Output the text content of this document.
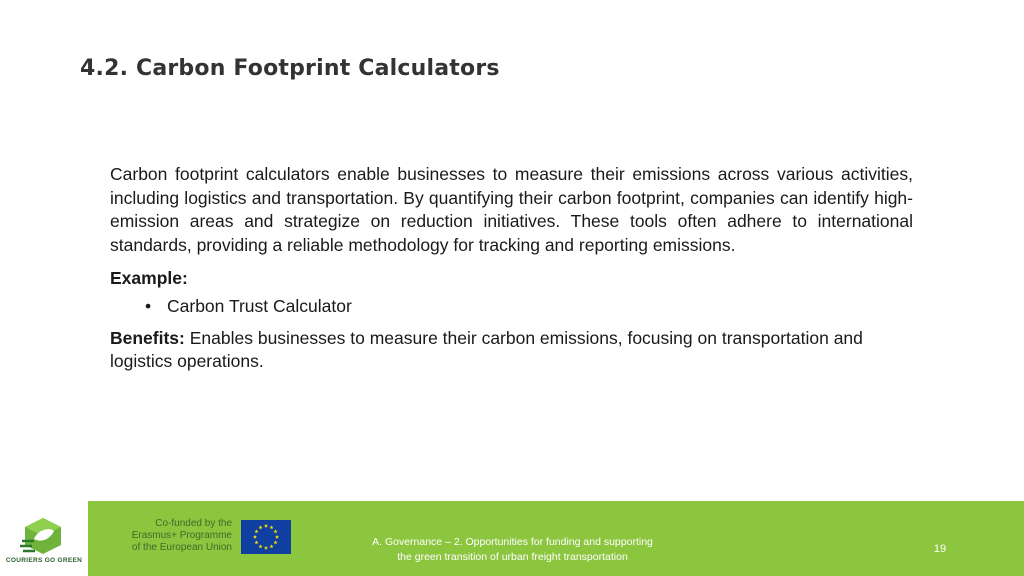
4.2. Carbon Footprint Calculators

Carbon footprint calculators enable businesses to measure their emissions across various activities, including logistics and transportation. By quantifying their carbon footprint, companies can identify high-emission areas and strategize on reduction initiatives. These tools often adhere to international standards, providing a reliable methodology for tracking and reporting emissions.

Example:

• Carbon Trust Calculator

Benefits: Enables businesses to measure their carbon emissions, focusing on transportation and logistics operations.

COURIERS GO GREEN
Co-funded by the
Erasmus+ Programme
of the European Union	A. Governance – 2. Opportunities for funding and supporting
the green transition of urban freight transportation
19
